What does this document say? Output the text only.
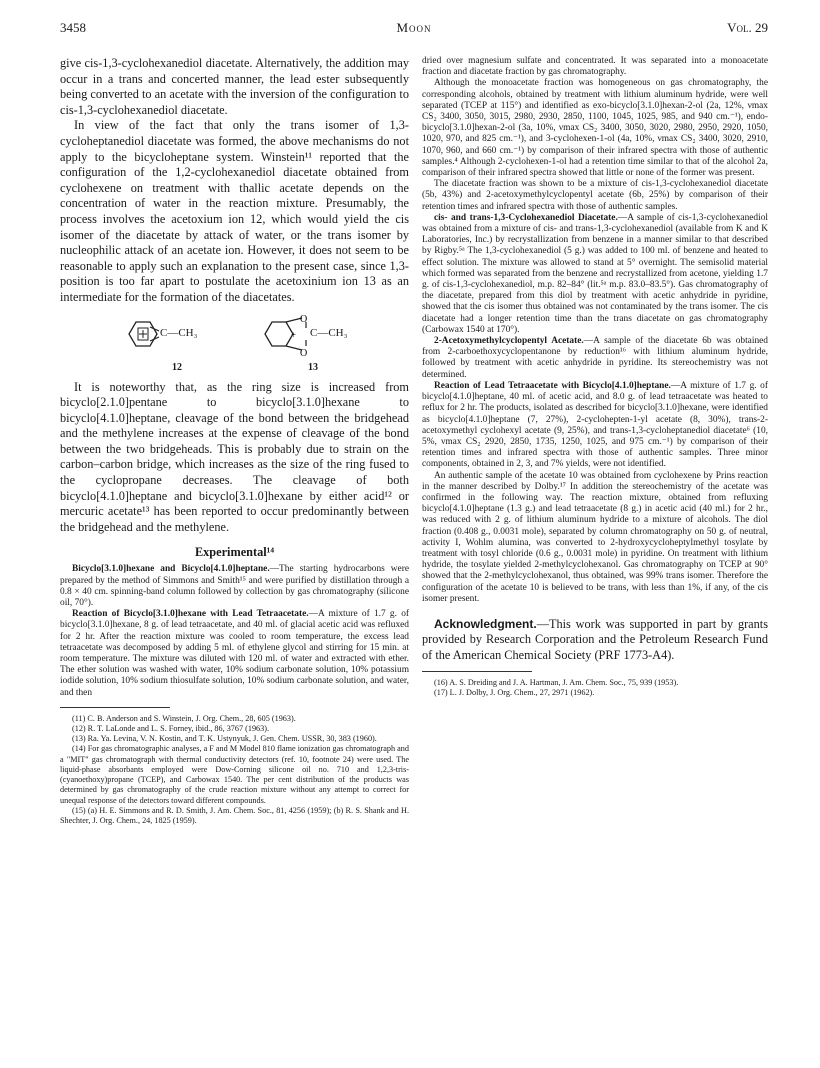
3458	Moon	Vol. 29

give cis-1,3-cyclohexanediol diacetate. Alternatively, the addition may occur in a trans and concerted manner, the lead ester subsequently being converted to an acetate with the inversion of the configuration to cis-1,3-cyclohexanediol diacetate.

In view of the fact that only the trans isomer of 1,3-cycloheptanediol diacetate was formed, the above mechanisms do not apply to the bicycloheptane system. Winstein¹¹ reported that the configuration of the 1,2-cyclohexanediol diacetate obtained from cyclohexene on treatment with thallic acetate depends on the concentration of water in the reaction mixture. Presumably, the process involves the acetoxium ion 12, which would yield the cis isomer of the diacetate by attack of water, or the trans isomer by nucleophilic attack of an acetate ion. However, it does not seem to be reasonable to apply such an explanation to the present case, since 1,3-position is too far apart to postulate the acetoxinium ion 13 as an intermediate for the formation of the diacetates.

O
O
+
C—CH₃	C—CH₃
12	13

It is noteworthy that, as the ring size is increased from bicyclo[2.1.0]pentane to bicyclo[3.1.0]hexane to bicyclo[4.1.0]heptane, cleavage of the bond between the bridgehead and the methylene increases at the expense of cleavage of the bond between the two bridgeheads. This is probably due to strain on the carbon–carbon bridge, which increases as the size of the ring fused to the cyclopropane decreases. The cleavage of both bicyclo[4.1.0]heptane and bicyclo[3.1.0]hexane by either acid¹² or mercuric acetate¹³ has been reported to occur predominantly between the bridgehead and the methylene.

Experimental¹⁴

Bicyclo[3.1.0]hexane and Bicyclo[4.1.0]heptane.—The starting hydrocarbons were prepared by the method of Simmons and Smith¹⁵ and were purified by distillation through a 0.8 × 40 cm. spinning-band column followed by collection by gas chromatography (silicone oil, 70°).

Reaction of Bicyclo[3.1.0]hexane with Lead Tetraacetate.—A mixture of 1.7 g. of bicyclo[3.1.0]hexane, 8 g. of lead tetraacetate, and 40 ml. of glacial acetic acid was refluxed for 2 hr. After the reaction mixture was cooled to room temperature, the excess lead tetraacetate was decomposed by adding 5 ml. of ethylene glycol and stirring for 15 min. at room temperature. The mixture was diluted with 120 ml. of water and extracted with ether. The ether solution was washed with water, 10% sodium carbonate solution, 10% potassium iodide solution, 10% sodium thiosulfate solution, 10% sodium carbonate solution, and water, and then

(11) C. B. Anderson and S. Winstein, J. Org. Chem., 28, 605 (1963).

(12) R. T. LaLonde and L. S. Forney, ibid., 86, 3767 (1963).

(13) Ra. Ya. Levina, V. N. Kostin, and T. K. Ustynyuk, J. Gen. Chem. USSR, 30, 383 (1960).

(14) For gas chromatographic analyses, a F and M Model 810 flame ionization gas chromatograph and a "MIT" gas chromatograph with thermal conductivity detectors (ref. 10, footnote 24) were used. The liquid-phase absorbants employed were Dow-Corning silicone oil no. 710 and 1,2,3-tris-(cyanoethoxy)propane (TCEP), and Carbowax 1540. The per cent distribution of the products was determined by gas chromatography of the crude reaction mixture without any attempt to correct for unequal response of the detectors toward different compounds.

(15) (a) H. E. Simmons and R. D. Smith, J. Am. Chem. Soc., 81, 4256 (1959); (b) R. S. Shank and H. Shechter, J. Org. Chem., 24, 1825 (1959).

dried over magnesium sulfate and concentrated. It was separated into a monoacetate fraction and diacetate fraction by gas chromatography.

Although the monoacetate fraction was homogeneous on gas chromatography, the corresponding alcohols, obtained by treatment with lithium aluminum hydride, were well separated (TCEP at 115°) and identified as exo-bicyclo[3.1.0]hexan-2-ol (2a, 12%, νmax CS₂ 3400, 3050, 3015, 2980, 2930, 2850, 1100, 1045, 1025, 985, and 940 cm.⁻¹), endo-bicyclo[3.1.0]hexan-2-ol (3a, 10%, νmax CS₂ 3400, 3050, 3020, 2980, 2950, 2920, 1050, 1020, 970, and 825 cm.⁻¹), and 3-cyclohexen-1-ol (4a, 10%, νmax CS₂ 3400, 3020, 2910, 1070, 960, and 660 cm.⁻¹) by comparison of their infrared spectra with those of authentic samples.⁴ Although 2-cyclohexen-1-ol had a retention time similar to that of the alcohol 2a, comparison of their infrared spectra showed that little or none of the former was present.

The diacetate fraction was shown to be a mixture of cis-1,3-cyclohexanediol diacetate (5b, 43%) and 2-acetoxymethylcyclopentyl acetate (6b, 25%) by comparison of their retention times and infrared spectra with those of authentic samples.

cis- and trans-1,3-Cyclohexanediol Diacetate.—A sample of cis-1,3-cyclohexanediol was obtained from a mixture of cis- and trans-1,3-cyclohexanediol (available from K and K Laboratories, Inc.) by recrystallization from benzene in a manner similar to that described by Rigby.⁵ᵃ The 1,3-cyclohexanediol (5 g.) was added to 100 ml. of benzene and heated to effect solution. The mixture was allowed to stand at 5° overnight. The semisolid material which formed was separated from the benzene and recrystallized from acetone, yielding 1.7 g. of cis-1,3-cyclohexanediol, m.p. 82–84° (lit.⁵ᵃ m.p. 83.0–83.5°). Gas chromatography of the diacetate, prepared from this diol by treatment with acetic anhydride in pyridine, showed that the cis isomer thus obtained was not contaminated by the trans isomer. The cis diacetate had a longer retention time than the trans diacetate on gas chromatography (Carbowax 1540 at 170°).

2-Acetoxymethylcyclopentyl Acetate.—A sample of the diacetate 6b was obtained from 2-carboethoxycyclopentanone by reduction¹⁶ with lithium aluminum hydride, followed by treatment with acetic anhydride in pyridine. Its stereochemistry was not determined.

Reaction of Lead Tetraacetate with Bicyclo[4.1.0]heptane.—A mixture of 1.7 g. of bicyclo[4.1.0]heptane, 40 ml. of acetic acid, and 8.0 g. of lead tetraacetate was heated to reflux for 2 hr. The products, isolated as described for bicyclo[3.1.0]hexane, were identified as bicyclo[4.1.0]heptane (7, 27%), 2-cyclohepten-1-yl acetate (8, 30%), trans-2-acetoxymethyl cyclohexyl acetate (9, 25%), and trans-1,3-cycloheptanediol diacetate⁶ (10, 5%, νmax CS₂ 2920, 2850, 1735, 1250, 1025, and 975 cm.⁻¹) by comparison of their retention times and infrared spectra with those of authentic samples. Three minor components, obtained in 2, 3, and 7% yields, were not identified.

An authentic sample of the acetate 10 was obtained from cyclohexene by Prins reaction in the manner described by Dolby.¹⁷ In addition the stereochemistry of the acetate was confirmed in the following way. The reaction mixture, obtained from refluxing bicyclo[4.1.0]heptane (1.3 g.) and lead tetraacetate (8 g.) in acetic acid (40 ml.) for 2 hr., was reduced with 2 g. of lithium aluminum hydride to a mixture of alcohols. The diol fraction (0.408 g., 0.0031 mole), separated by column chromatography on 50 g. of neutral, activity I, Wohlm alumina, was converted to 2-hydroxycycloheptylmethyl tosylate by treatment with tosyl chloride (0.6 g., 0.0031 mole) in pyridine. On treatment with lithium hydride, the tosylate yielded 2-methylcyclohexanol. Gas chromatography on TCEP at 90° showed that the 2-methylcyclohexanol, thus obtained, was 99% trans isomer. Therefore the configuration of the acetate 10 is believed to be trans, with less than 1%, if any, of the cis isomer present.

Acknowledgment.—This work was supported in part by grants provided by Research Corporation and the Petroleum Research Fund of the American Chemical Society (PRF 1773-A4).

(16) A. S. Dreiding and J. A. Hartman, J. Am. Chem. Soc., 75, 939 (1953).

(17) L. J. Dolby, J. Org. Chem., 27, 2971 (1962).
